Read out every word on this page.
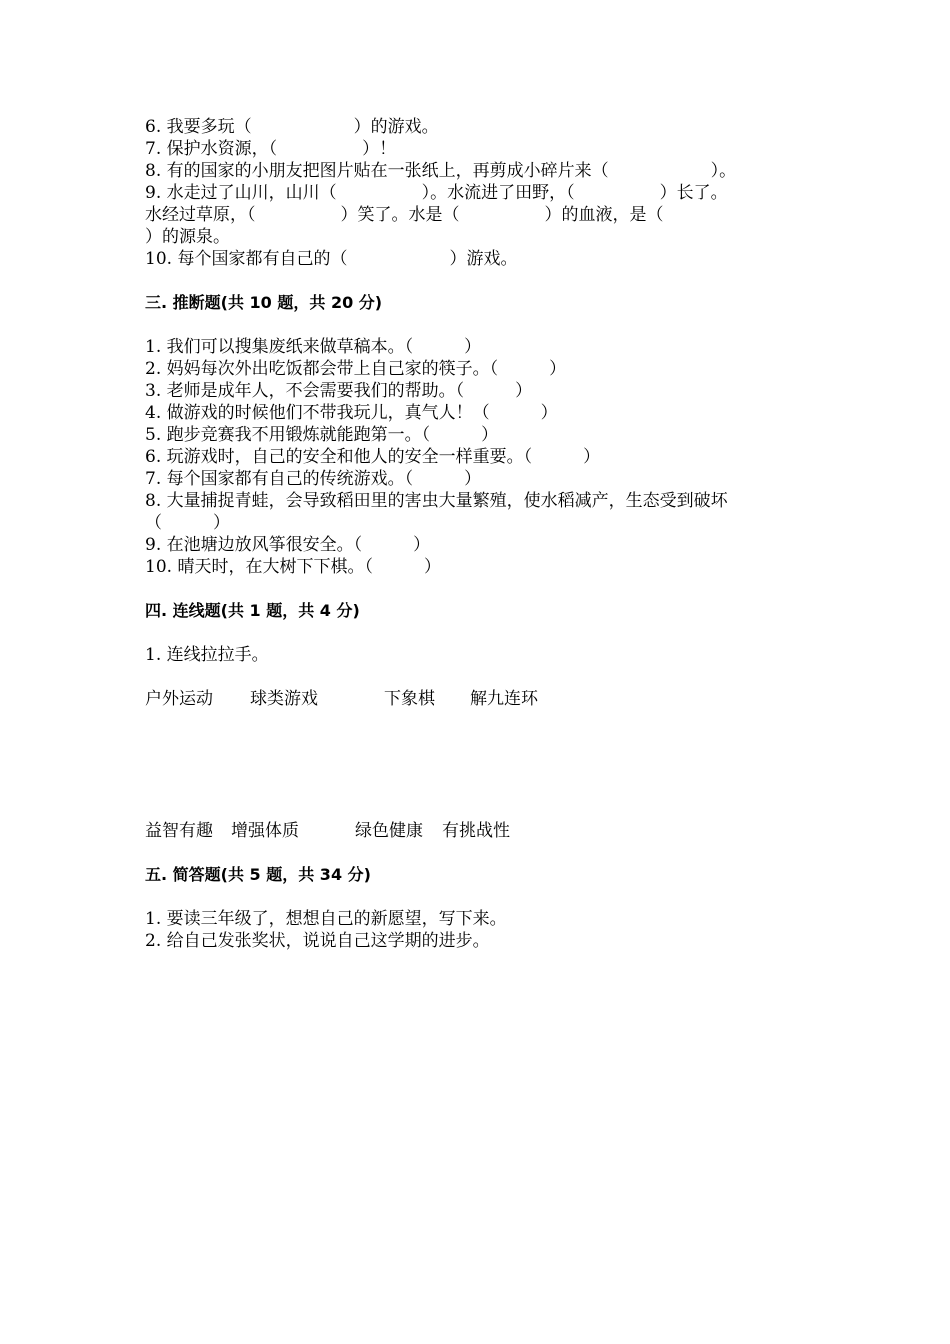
6. 我要多玩（　　　　　　）的游戏。
7. 保护水资源，（　　　　　）！
8. 有的国家的小朋友把图片贴在一张纸上，再剪成小碎片来（　　　　　　）。
9. 水走过了山川，山川（　　　　　）。水流进了田野，（　　　　　）长了。
水经过草原，（　　　　　）笑了。水是（　　　　　）的血液，是（
）的源泉。
10. 每个国家都有自己的（　　　　　　）游戏。
三. 推断题(共 10 题，共 20 分)
1. 我们可以搜集废纸来做草稿本。（　　　）
2. 妈妈每次外出吃饭都会带上自己家的筷子。（　　　）
3. 老师是成年人，不会需要我们的帮助。（　　　）
4. 做游戏的时候他们不带我玩儿，真气人！（　　　）
5. 跑步竞赛我不用锻炼就能跑第一。（　　　）
6. 玩游戏时，自己的安全和他人的安全一样重要。（　　　）
7. 每个国家都有自己的传统游戏。（　　　）
8. 大量捕捉青蛙，会导致稻田里的害虫大量繁殖，使水稻减产，生态受到破坏
（　　　）
9. 在池塘边放风筝很安全。（　　　）
10. 晴天时，在大树下下棋。（　　　）
四. 连线题(共 1 题，共 4 分)
1. 连线拉拉手。
户外运动 球类游戏	下象棋 解九连环
益智有趣 增强体质	绿色健康 有挑战性
五. 简答题(共 5 题，共 34 分)
1. 要读三年级了，想想自己的新愿望，写下来。
2. 给自己发张奖状，说说自己这学期的进步。
